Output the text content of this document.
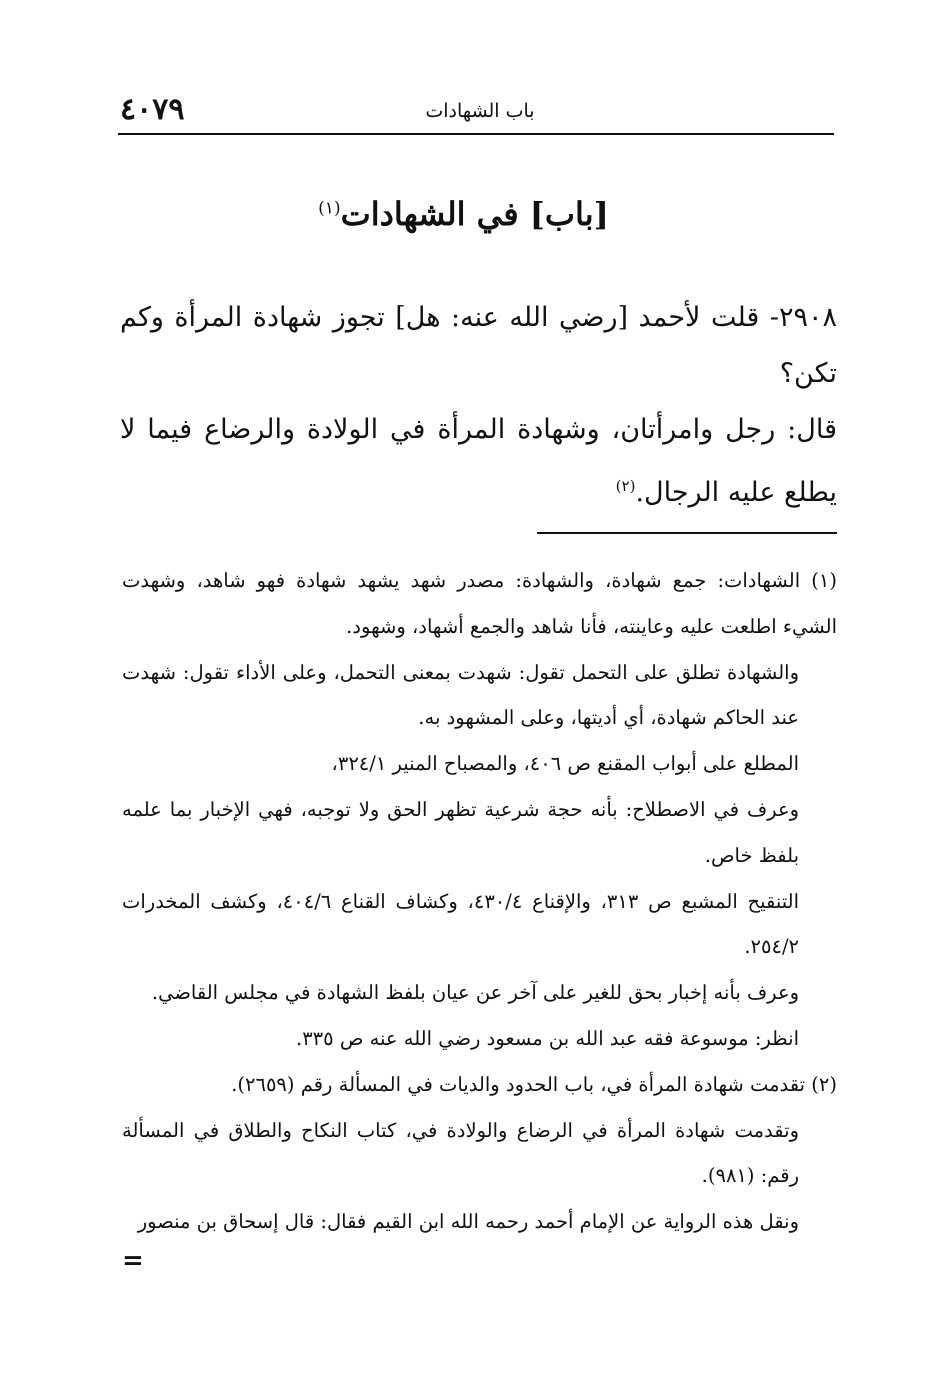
٤٠٧٩	باب الشهادات
[باب] في الشهادات$^{(١)}$

٢٩٠٨- قلت لأحمد [رضي الله عنه: هل] تجوز شهادة المرأة وكم تكن؟

قال: رجل وامرأتان، وشهادة المرأة في الولادة والرضاع فيما لا يطلع عليه الرجال.$^{(٢)}$

(١) الشهادات: جمع شهادة، والشهادة: مصدر شهد يشهد شهادة فهو شاهد، وشهدت الشيء اطلعت عليه وعاينته، فأنا شاهد والجمع أشهاد، وشهود.

والشهادة تطلق على التحمل تقول: شهدت بمعنى التحمل، وعلى الأداء تقول: شهدت عند الحاكم شهادة، أي أديتها، وعلى المشهود به.

المطلع على أبواب المقنع ص ٤٠٦، والمصباح المنير ٣٢٤/١،

وعرف في الاصطلاح: بأنه حجة شرعية تظهر الحق ولا توجبه، فهي الإخبار بما علمه بلفظ خاص.

التنقيح المشبع ص ٣١٣، والإقناع ٤٣٠/٤، وكشاف القناع ٤٠٤/٦، وكشف المخدرات ٢٥٤/٢.

وعرف بأنه إخبار بحق للغير على آخر عن عيان بلفظ الشهادة في مجلس القاضي.

انظر: موسوعة فقه عبد الله بن مسعود رضي الله عنه ص ٣٣٥.

(٢) تقدمت شهادة المرأة في، باب الحدود والديات في المسألة رقم (٢٦٥٩).

وتقدمت شهادة المرأة في الرضاع والولادة في، كتاب النكاح والطلاق في المسألة رقم: (٩٨١).

ونقل هذه الرواية عن الإمام أحمد رحمه الله ابن القيم فقال: قال إسحاق بن منصور

=
